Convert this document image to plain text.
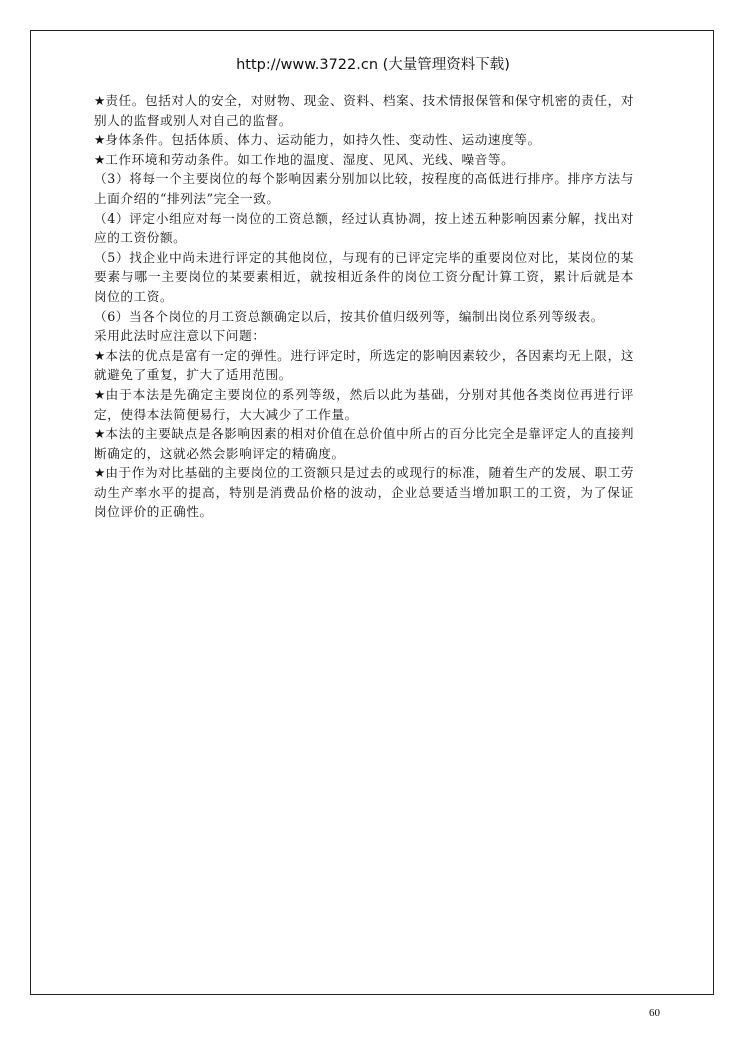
http://www.3722.cn (大量管理资料下载)
60

★责任。包括对人的安全，对财物、现金、资料、档案、技术情报保管和保守机密的责任，对别人的监督或别人对自己的监督。

★身体条件。包括体质、体力、运动能力，如持久性、变动性、运动速度等。

★工作环境和劳动条件。如工作地的温度、湿度、见风、光线、噪音等。

（3）将每一个主要岗位的每个影响因素分别加以比较，按程度的高低进行排序。排序方法与上面介绍的“排列法”完全一致。

（4）评定小组应对每一岗位的工资总额，经过认真协凋，按上述五种影响因素分解，找出对应的工资份额。

（5）找企业中尚未进行评定的其他岗位，与现有的已评定完毕的重要岗位对比，某岗位的某要素与哪一主要岗位的某要素相近，就按相近条件的岗位工资分配计算工资，累计后就是本岗位的工资。

（6）当各个岗位的月工资总额确定以后，按其价值归级列等，编制出岗位系列等级表。

采用此法时应注意以下问题：

★本法的优点是富有一定的弹性。进行评定时，所选定的影响因素较少，各因素均无上限，这就避免了重复，扩大了适用范围。

★由于本法是先确定主要岗位的系列等级，然后以此为基础，分别对其他各类岗位再进行评定，使得本法简便易行，大大减少了工作量。

★本法的主要缺点是各影响因素的相对价值在总价值中所占的百分比完全是靠评定人的直接判断确定的，这就必然会影响评定的精确度。

★由于作为对比基础的主要岗位的工资额只是过去的或现行的标准，随着生产的发展、职工劳动生产率水平的提高，特别是消费品价格的波动，企业总要适当增加职工的工资，为了保证岗位评价的正确性。
